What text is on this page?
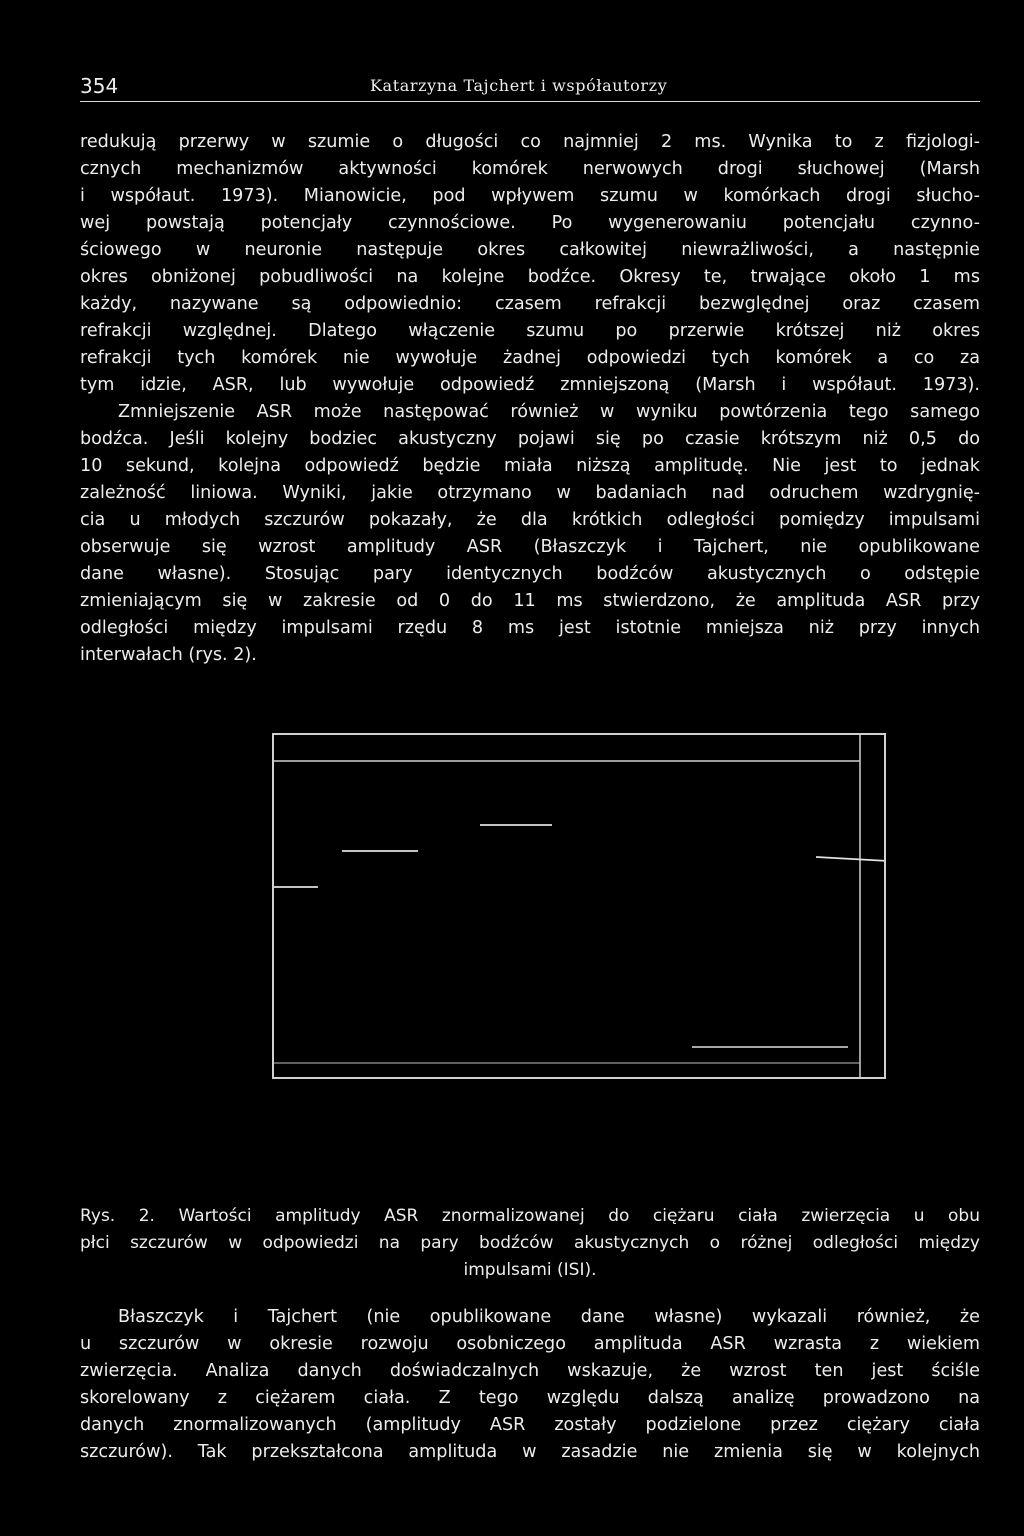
354	Katarzyna Tajchert i współautorzy
redukują przerwy w szumie o długości co najmniej 2 ms. Wynika to z fizjologi-
cznych mechanizmów aktywności komórek nerwowych drogi słuchowej (Marsh
i współaut. 1973). Mianowicie, pod wpływem szumu w komórkach drogi słucho-
wej powstają potencjały czynnościowe. Po wygenerowaniu potencjału czynno-
ściowego w neuronie następuje okres całkowitej niewrażliwości, a następnie
okres obniżonej pobudliwości na kolejne bodźce. Okresy te, trwające około 1 ms
każdy, nazywane są odpowiednio: czasem refrakcji bezwględnej oraz czasem
refrakcji względnej. Dlatego włączenie szumu po przerwie krótszej niż okres
refrakcji tych komórek nie wywołuje żadnej odpowiedzi tych komórek a co za
tym idzie, ASR, lub wywołuje odpowiedź zmniejszoną (Marsh i współaut. 1973).
Zmniejszenie ASR może następować również w wyniku powtórzenia tego samego
bodźca. Jeśli kolejny bodziec akustyczny pojawi się po czasie krótszym niż 0,5 do
10 sekund, kolejna odpowiedź będzie miała niższą amplitudę. Nie jest to jednak
zależność liniowa. Wyniki, jakie otrzymano w badaniach nad odruchem wzdrygnię-
cia u młodych szczurów pokazały, że dla krótkich odległości pomiędzy impulsami
obserwuje się wzrost amplitudy ASR (Błaszczyk i Tajchert, nie opublikowane
dane własne). Stosując pary identycznych bodźców akustycznych o odstępie
zmieniającym się w zakresie od 0 do 11 ms stwierdzono, że amplituda ASR przy
odległości między impulsami rzędu 8 ms jest istotnie mniejsza niż przy innych
interwałach (rys. 2).
Rys. 2. Wartości amplitudy ASR znormalizowanej do ciężaru ciała zwierzęcia u obu
płci szczurów w odpowiedzi na pary bodźców akustycznych o różnej odległości między
impulsami (ISI).
Błaszczyk i Tajchert (nie opublikowane dane własne) wykazali również, że
u szczurów w okresie rozwoju osobniczego amplituda ASR wzrasta z wiekiem
zwierzęcia. Analiza danych doświadczalnych wskazuje, że wzrost ten jest ściśle
skorelowany z ciężarem ciała. Z tego względu dalszą analizę prowadzono na
danych znormalizowanych (amplitudy ASR zostały podzielone przez ciężary ciała
szczurów). Tak przekształcona amplituda w zasadzie nie zmienia się w kolejnych
